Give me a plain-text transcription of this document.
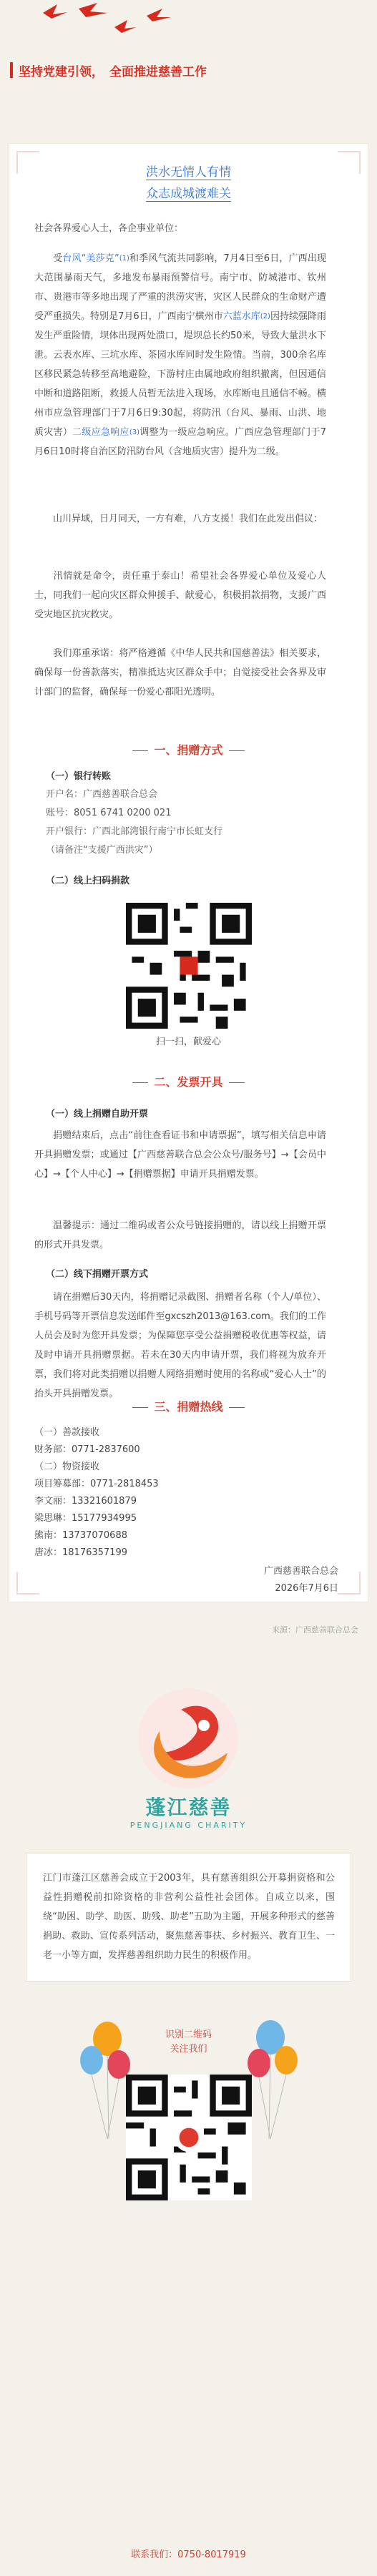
坚持党建引领， 全面推进慈善工作
洪水无情人有情
众志成城渡难关
社会各界爱心人士，各企事业单位：
  受台风“美莎克”$^{(1)}$和季风气流共同影响，7月4日至6日，广西出现大范围暴雨天气，多地发布暴雨预警信号。南宁市、防城港市、钦州市、贵港市等多地出现了严重的洪涝灾害，灾区人民群众的生命财产遭受严重损失。特别是7月6日，广西南宁横州市六蓝水库$^{(2)}$因持续强降雨发生严重险情，坝体出现两处溃口，堤坝总长约50米，导致大量洪水下泄。云表水库、三坑水库、茶园水库同时发生险情。当前，300余名库区移民紧急转移至高地避险，下游村庄由属地政府组织撤离，但因通信中断和道路阻断，救援人员暂无法进入现场，水库断电且通信不畅。横州市应急管理部门于7月6日9:30起，将防汛（台风、暴雨、山洪、地质灾害）二级应急响应$^{(3)}$调整为一级应急响应。广西应急管理部门于7月6日10时将自治区防汛防台风（含地质灾害）提升为二级。
  山川异域，日月同天，一方有难，八方支援！我们在此发出倡议：
  汛情就是命令，责任重于泰山！希望社会各界爱心单位及爱心人士，同我们一起向灾区群众伸援手、献爱心，积极捐款捐物，支援广西受灾地区抗灾救灾。
  我们郑重承诺：将严格遵循《中华人民共和国慈善法》相关要求，确保每一份善款落实，精准抵达灾区群众手中；自觉接受社会各界及审计部门的监督，确保每一份爱心都阳光透明。
一、捐赠方式
（一）银行转账
开户名：广西慈善联合总会
账号：8051 6741 0200 021
开户银行：广西北部湾银行南宁市长虹支行
（请备注“支援广西洪灾”）
（二）线上扫码捐款
扫一扫，献爱心
二、发票开具
（一）线上捐赠自助开票
  捐赠结束后，点击“前往查看证书和申请票据”，填写相关信息申请开具捐赠发票；或通过【广西慈善联合总会公众号/服务号】→【会员中心】→【个人中心】→【捐赠票据】申请开具捐赠发票。
  温馨提示：通过二维码或者公众号链接捐赠的，请以线上捐赠开票的形式开具发票。
（二）线下捐赠开票方式
  请在捐赠后30天内，将捐赠记录截图、捐赠者名称（个人/单位）、手机号码等开票信息发送邮件至gxcszh2013@163.com。我们的工作人员会及时为您开具发票；为保障您享受公益捐赠税收优惠等权益，请及时申请开具捐赠票据。若未在30天内申请开票，我们将视为放弃开票，我们将对此类捐赠以捐赠人网络捐赠时使用的名称或“爱心人士”的抬头开具捐赠发票。
三、捐赠热线
（一）善款接收
财务部：0771-2837600
（二）物资接收
项目筹募部：0771-2818453
李文丽：13321601879
梁思琳：15177934995
熊南：13737070688
唐冰：18176357199
广西慈善联合总会
2026年7月6日
来源：广西慈善联合总会
蓬江慈善
PENGJIANG CHARITY
江门市蓬江区慈善会成立于2003年，具有慈善组织公开募捐资格和公益性捐赠税前扣除资格的非营利公益性社会团体。自成立以来，围绕“助困、助学、助医、助残、助老”五助为主题，开展多种形式的慈善捐助、救助、宣传系列活动，聚焦慈善事扶、乡村振兴、教育卫生、一老一小等方面，发挥慈善组织助力民生的积极作用。
识别二维码
关注我们
联系我们：0750-8017919
